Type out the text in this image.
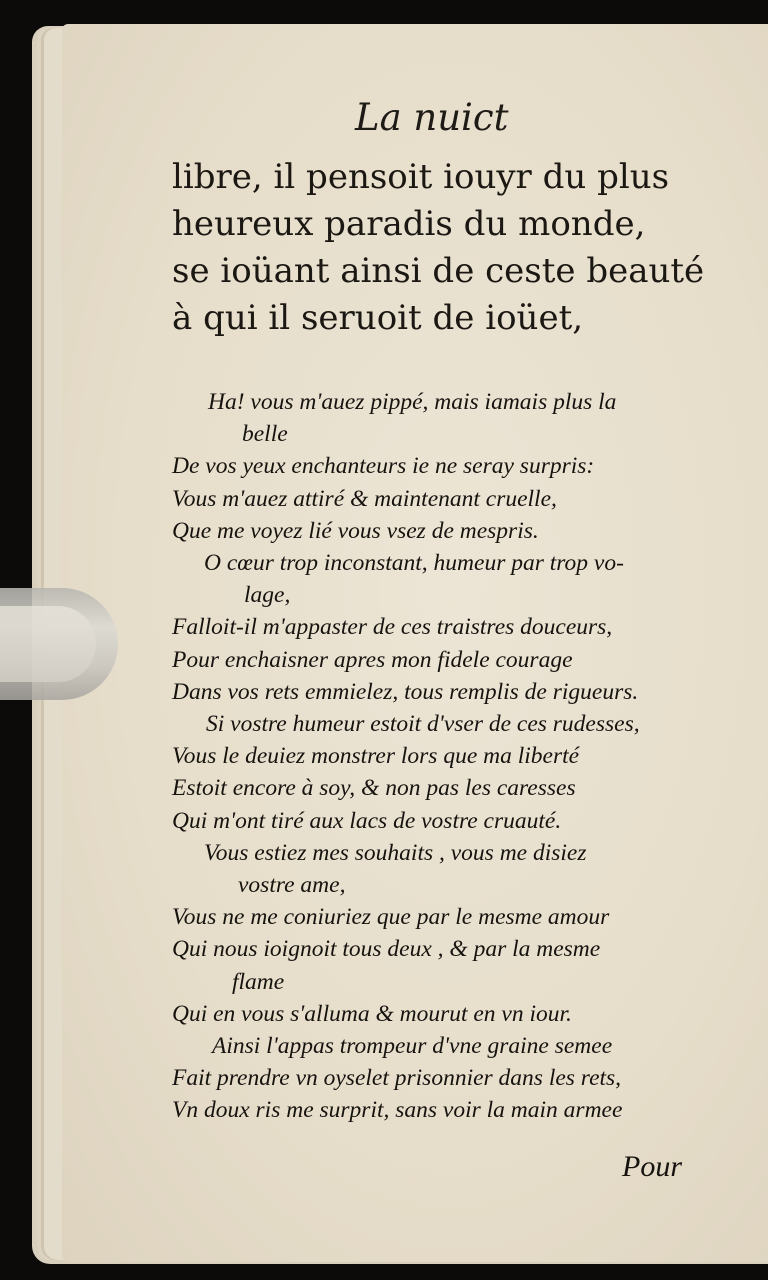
La nuict
libre, il pensoit iouyr du plus
heureux paradis du monde,
se ioüant ainsi de ceste beauté
à qui il seruoit de ioüet,
Ha! vous m'auez pippé, mais iamais plus la
belle
De vos yeux enchanteurs ie ne seray surpris:
Vous m'auez attiré & maintenant cruelle,
Que me voyez lié vous vsez de mespris.
O cœur trop inconstant, humeur par trop vo-
lage,
Falloit-il m'appaster de ces traistres douceurs,
Pour enchaisner apres mon fidele courage
Dans vos rets emmielez, tous remplis de rigueurs.
Si vostre humeur estoit d'vser de ces rudesses,
Vous le deuiez monstrer lors que ma liberté
Estoit encore à soy, & non pas les caresses
Qui m'ont tiré aux lacs de vostre cruauté.
Vous estiez mes souhaits , vous me disiez
vostre ame,
Vous ne me coniuriez que par le mesme amour
Qui nous ioignoit tous deux , & par la mesme
flame
Qui en vous s'alluma & mourut en vn iour.
Ainsi l'appas trompeur d'vne graine semee
Fait prendre vn oyselet prisonnier dans les rets,
Vn doux ris me surprit, sans voir la main armee
Pour
